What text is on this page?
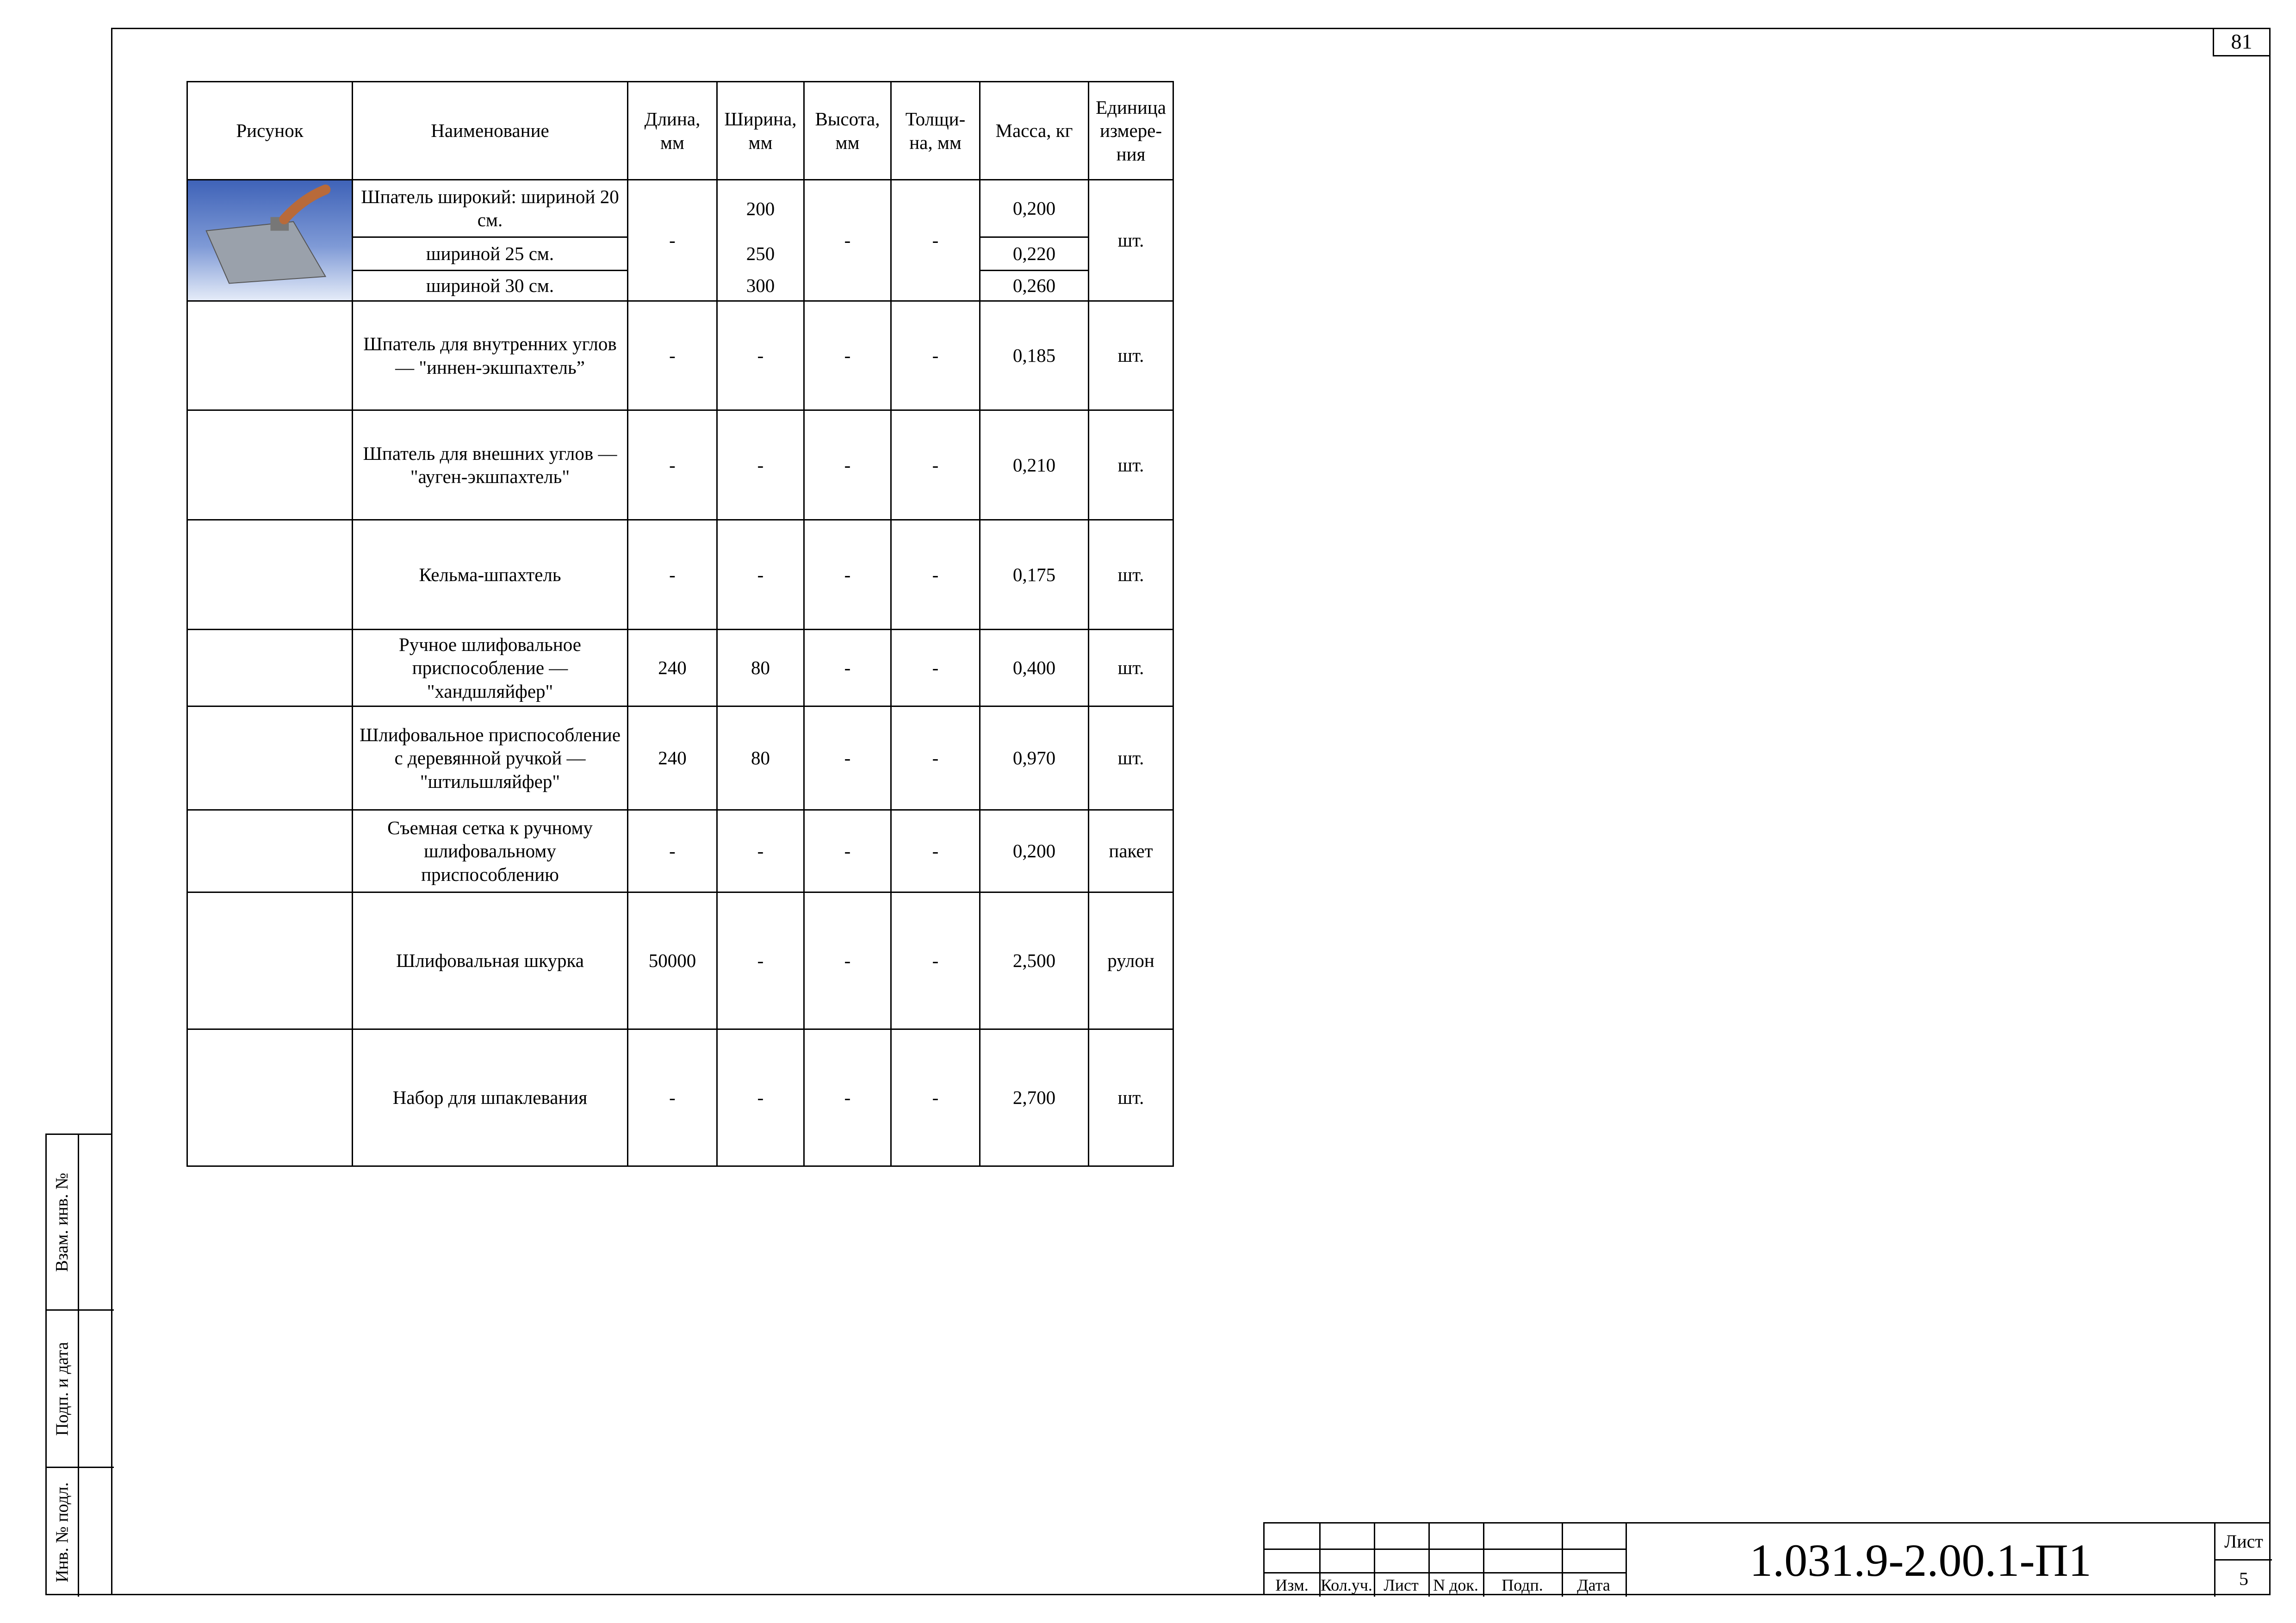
81
Взам. инв. №
Подп. и дата
Инв. № подл.
Рисунок	Наименование	Длина, мм	Ширина, мм	Высота, мм	Толщи- на, мм	Масса, кг	Единица измере- ния

	Шпатель широкий: шириной 20 см.	-	200	-	-	0,200	шт.
	шириной 25 см.		250			0,220	
	шириной 30 см.		300			0,260	

	Шпатель для внутренних углов — "иннен-экшпахтель”	-	-	-	-	0,185	шт.

	Шпатель для внешних углов — "ауген-экшпахтель"	-	-	-	-	0,210	шт.

	Кельма-шпахтель	-	-	-	-	0,175	шт.

	Ручное шлифовальное приспособление — "хандшляйфер"	240	80	-	-	0,400	шт.

	Шлифовальное приспособление с деревянной ручкой — "штильшляйфер"	240	80	-	-	0,970	шт.

	Съемная сетка к ручному шлифовальному приспособлению	-	-	-	-	0,200	пакет

	Шлифовальная шкурка	50000	-	-	-	2,500	рулон

	Набор для шпаклевания	-	-	-	-	2,700	шт.
Изм. Кол.уч. Лист N док.	Подп.	Дата	1.031.9-2.00.1-П1	Лист
5
